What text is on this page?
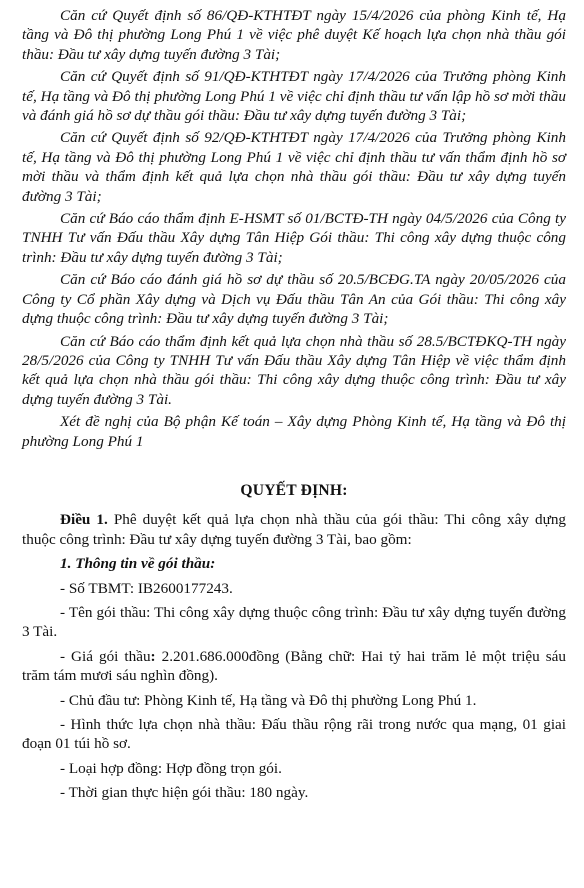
Căn cứ Quyết định số 86/QĐ-KTHTĐT ngày 15/4/2026 của phòng Kinh tế, Hạ tầng và Đô thị phường Long Phú 1 về việc phê duyệt Kế hoạch lựa chọn nhà thầu gói thầu: Đầu tư xây dựng tuyến đường 3 Tài;

Căn cứ Quyết định số 91/QĐ-KTHTĐT ngày 17/4/2026 của Trưởng phòng Kinh tế, Hạ tầng và Đô thị phường Long Phú 1 về việc chỉ định thầu tư vấn lập hồ sơ mời thầu và đánh giá hồ sơ dự thầu gói thầu: Đầu tư xây dựng tuyến đường 3 Tài;

Căn cứ Quyết định số 92/QĐ-KTHTĐT ngày 17/4/2026 của Trưởng phòng Kinh tế, Hạ tầng và Đô thị phường Long Phú 1 về việc chỉ định thầu tư vấn thẩm định hồ sơ mời thầu và thẩm định kết quả lựa chọn nhà thầu gói thầu: Đầu tư xây dựng tuyến đường 3 Tài;

Căn cứ Báo cáo thẩm định E-HSMT số 01/BCTĐ-TH ngày 04/5/2026 của Công ty TNHH Tư vấn Đấu thầu Xây dựng Tân Hiệp Gói thầu: Thi công xây dựng thuộc công trình: Đầu tư xây dựng tuyến đường 3 Tài;

Căn cứ Báo cáo đánh giá hồ sơ dự thầu số 20.5/BCĐG.TA ngày 20/05/2026 của Công ty Cổ phần Xây dựng và Dịch vụ Đấu thầu Tân An của Gói thầu: Thi công xây dựng thuộc công trình: Đầu tư xây dựng tuyến đường 3 Tài;

Căn cứ Báo cáo thẩm định kết quả lựa chọn nhà thầu số 28.5/BCTĐKQ-TH ngày 28/5/2026 của Công ty TNHH Tư vấn Đấu thầu Xây dựng Tân Hiệp về việc thẩm định kết quả lựa chọn nhà thầu gói thầu: Thi công xây dựng thuộc công trình: Đầu tư xây dựng tuyến đường 3 Tài.

Xét đề nghị của Bộ phận Kế toán – Xây dựng Phòng Kinh tế, Hạ tầng và Đô thị phường Long Phú 1

QUYẾT ĐỊNH:

Điều 1. Phê duyệt kết quả lựa chọn nhà thầu của gói thầu: Thi công xây dựng thuộc công trình: Đầu tư xây dựng tuyến đường 3 Tài, bao gồm:

1. Thông tin về gói thầu:

- Số TBMT: IB2600177243.

- Tên gói thầu: Thi công xây dựng thuộc công trình: Đầu tư xây dựng tuyến đường 3 Tài.

- Giá gói thầu: 2.201.686.000đồng (Bằng chữ: Hai tỷ hai trăm lẻ một triệu sáu trăm tám mươi sáu nghìn đồng).

- Chủ đầu tư: Phòng Kinh tế, Hạ tầng và Đô thị phường Long Phú 1.

- Hình thức lựa chọn nhà thầu: Đấu thầu rộng rãi trong nước qua mạng, 01 giai đoạn 01 túi hồ sơ.

- Loại hợp đồng: Hợp đồng trọn gói.

- Thời gian thực hiện gói thầu: 180 ngày.
